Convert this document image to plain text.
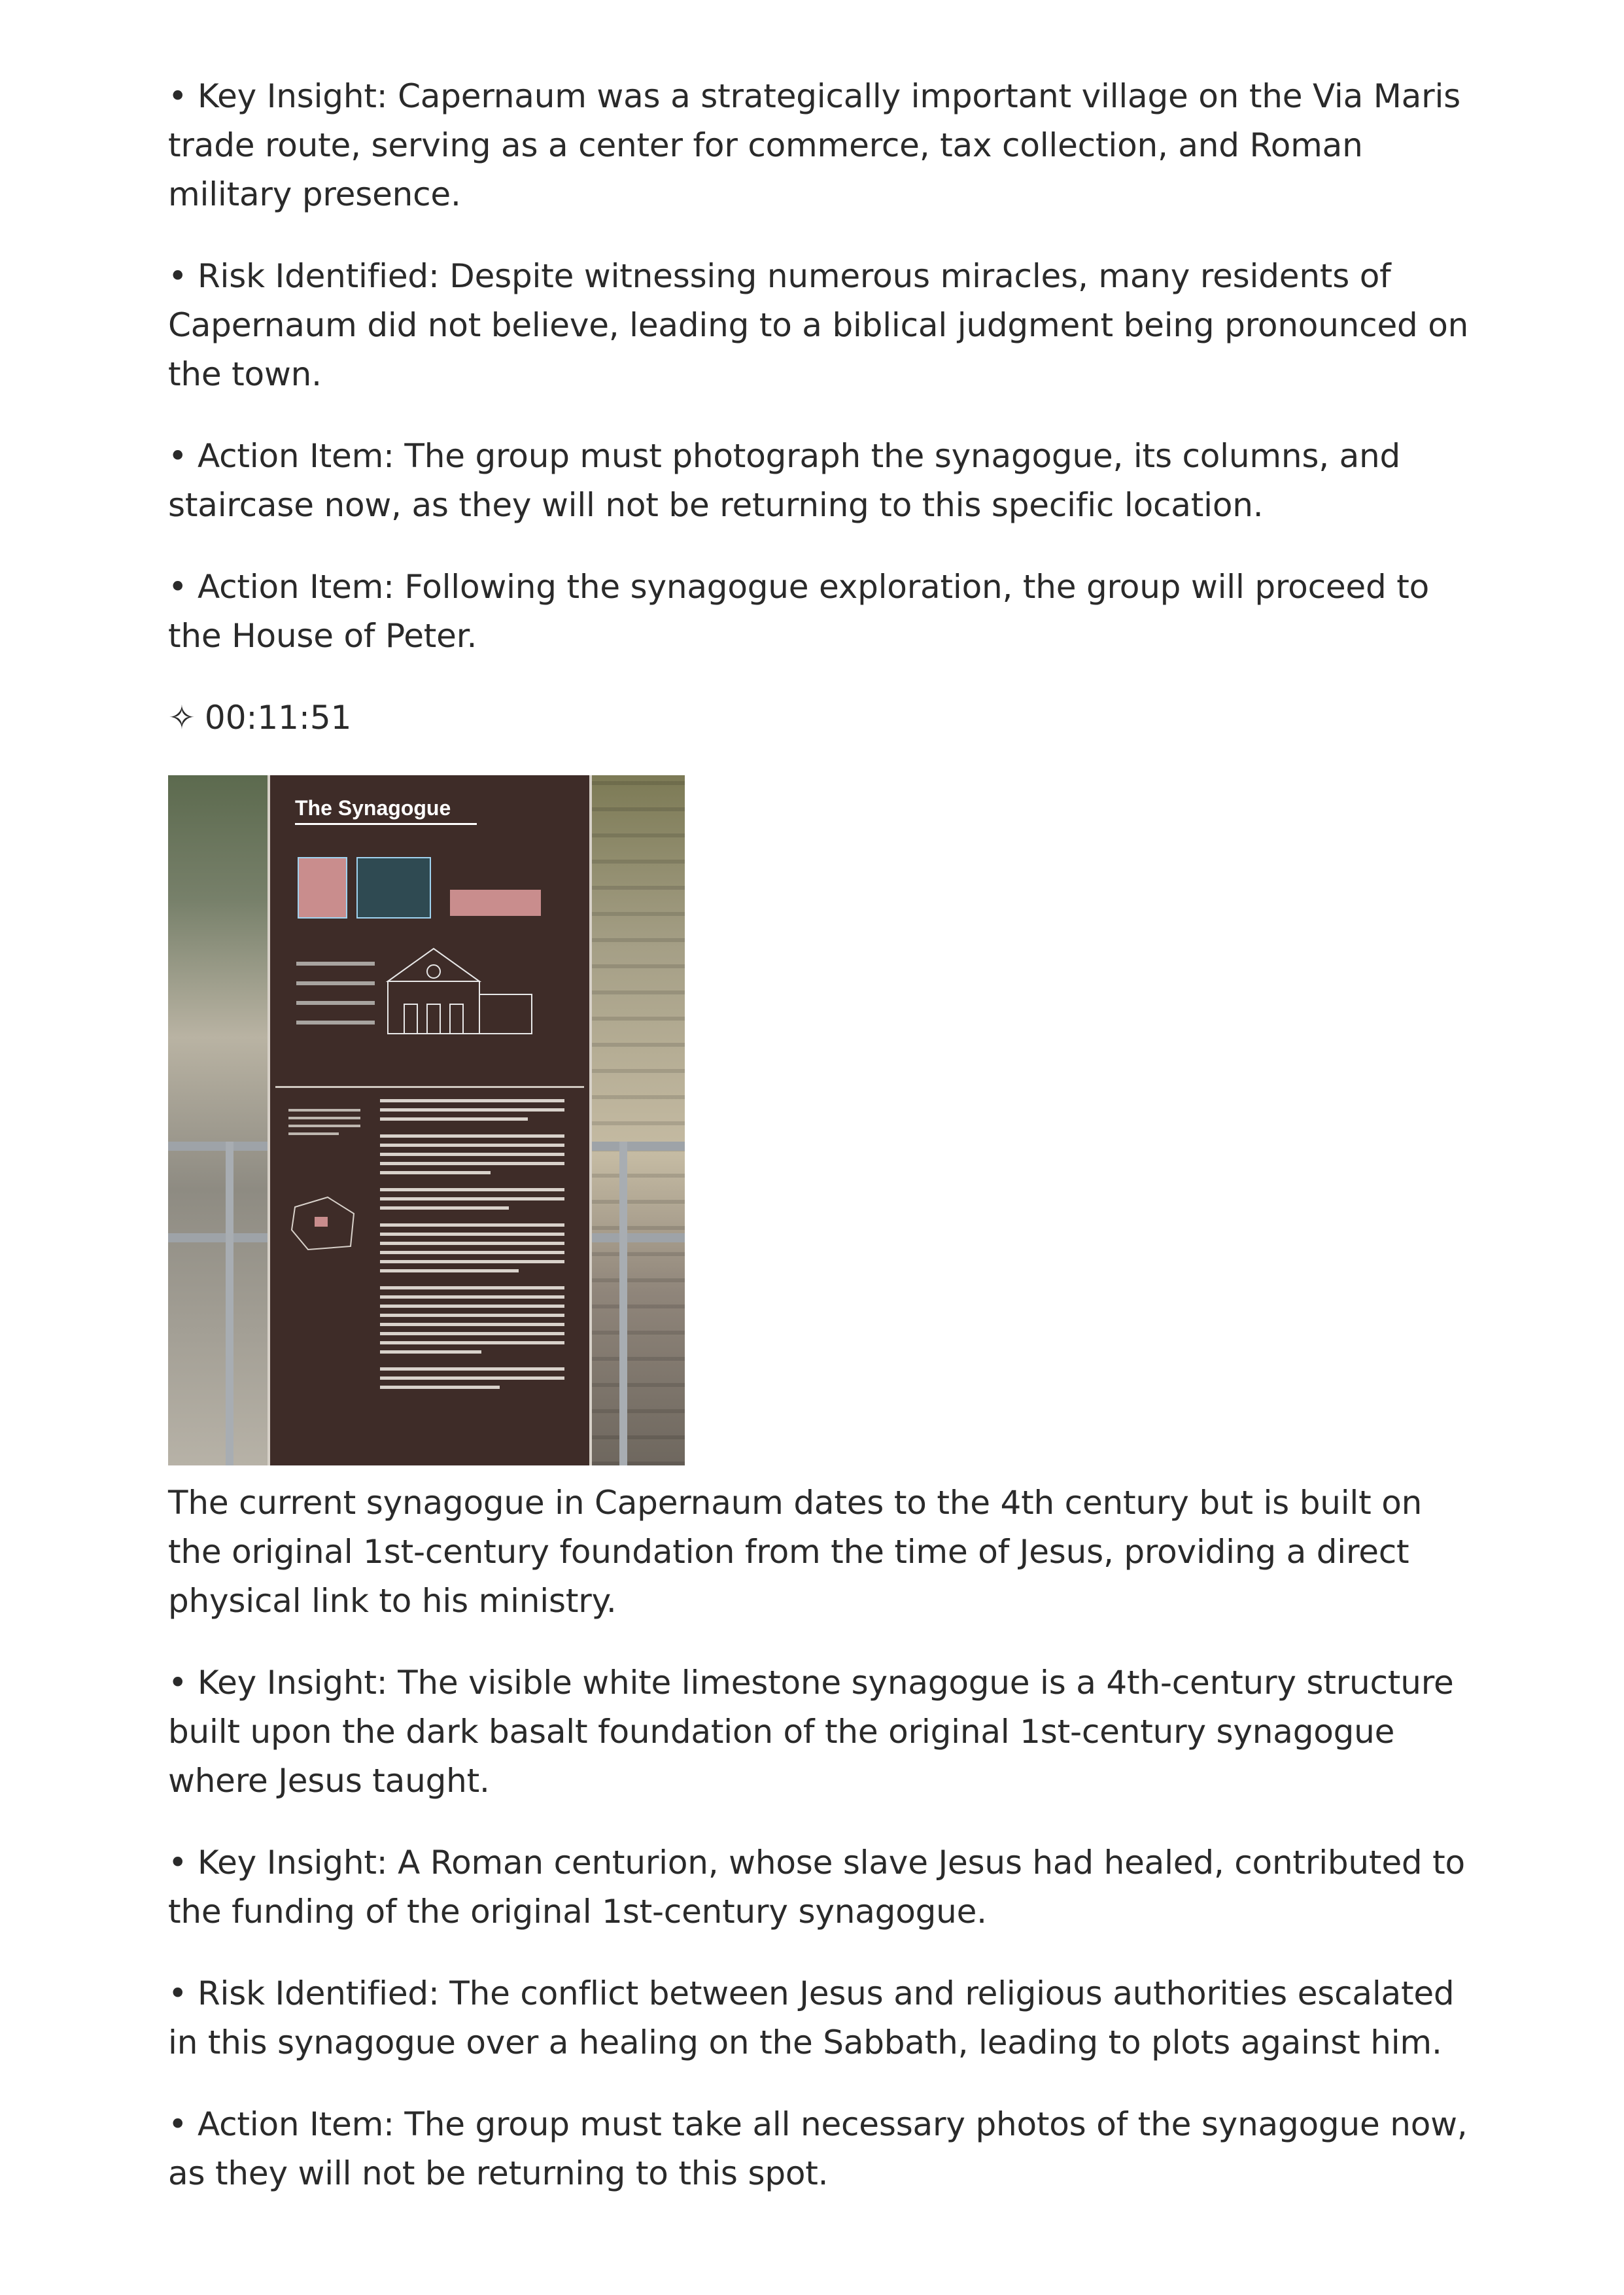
• Key Insight: Capernaum was a strategically important village on the Via Maris trade route, serving as a center for commerce, tax collection, and Roman military presence.

• Risk Identified: Despite witnessing numerous miracles, many residents of Capernaum did not believe, leading to a biblical judgment being pronounced on the town.

• Action Item: The group must photograph the synagogue, its columns, and staircase now, as they will not be returning to this specific location.

• Action Item: Following the synagogue exploration, the group will proceed to the House of Peter.

✧ 00:11:51
The Synagogue

The current synagogue in Capernaum dates to the 4th century but is built on the original 1st-century foundation from the time of Jesus, providing a direct physical link to his ministry.

• Key Insight: The visible white limestone synagogue is a 4th-century structure built upon the dark basalt foundation of the original 1st-century synagogue where Jesus taught.

• Key Insight: A Roman centurion, whose slave Jesus had healed, contributed to the funding of the original 1st-century synagogue.

• Risk Identified: The conflict between Jesus and religious authorities escalated in this synagogue over a healing on the Sabbath, leading to plots against him.

• Action Item: The group must take all necessary photos of the synagogue now, as they will not be returning to this spot.
